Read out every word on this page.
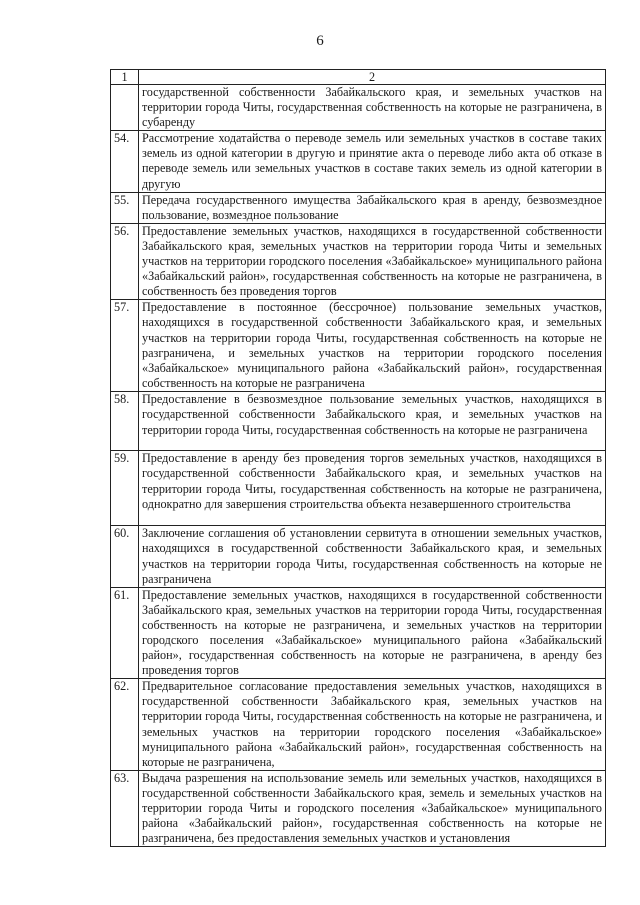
6
1	2
	государственной собственности Забайкальского края, и земельных участков на территории города Читы, государственная собственность на которые не разграничена, в субаренду
54.	Рассмотрение ходатайства о переводе земель или земельных участков в составе таких земель из одной категории в другую и принятие акта о переводе либо акта об отказе в переводе земель или земельных участков в составе таких земель из одной категории в другую
55.	Передача государственного имущества Забайкальского края в аренду, безвозмездное пользование, возмездное пользование
56.	Предоставление земельных участков, находящихся в государственной собственности Забайкальского края, земельных участков на территории города Читы и земельных участков на территории городского поселения «Забайкальское» муниципального района «Забайкальский район», государственная собственность на которые не разграничена, в собственность без проведения торгов
57.	Предоставление в постоянное (бессрочное) пользование земельных участков, находящихся в государственной собственности Забайкальского края, и земельных участков на территории города Читы, государственная собственность на которые не разграничена, и земельных участков на территории городского поселения «Забайкальское» муниципального района «Забайкальский район», государственная собственность на которые не разграничена
58.	Предоставление в безвозмездное пользование земельных участков, находящихся в государственной собственности Забайкальского края, и земельных участков на территории города Читы, государственная собственность на которые не разграничена
59.	Предоставление в аренду без проведения торгов земельных участков, находящихся в государственной собственности Забайкальского края, и земельных участков на территории города Читы, государственная собственность на которые не разграничена, однократно для завершения строительства объекта незавершенного строительства
60.	Заключение соглашения об установлении сервитута в отношении земельных участков, находящихся в государственной собственности Забайкальского края, и земельных участков на территории города Читы, государственная собственность на которые не разграничена
61.	Предоставление земельных участков, находящихся в государственной собственности Забайкальского края, земельных участков на территории города Читы, государственная собственность на которые не разграничена, и земельных участков на территории городского поселения «Забайкальское» муниципального района «Забайкальский район», государственная собственность на которые не разграничена, в аренду без проведения торгов
62.	Предварительное согласование предоставления земельных участков, находящихся в государственной собственности Забайкальского края, земельных участков на территории города Читы, государственная собственность на которые не разграничена, и земельных участков на территории городского поселения «Забайкальское» муниципального района «Забайкальский район», государственная собственность на которые не разграничена,
63.	Выдача разрешения на использование земель или земельных участков, находящихся в государственной собственности Забайкальского края, земель и земельных участков на территории города Читы и городского поселения «Забайкальское» муниципального района «Забайкальский район», государственная собственность на которые не разграничена, без предоставления земельных участков и установления
